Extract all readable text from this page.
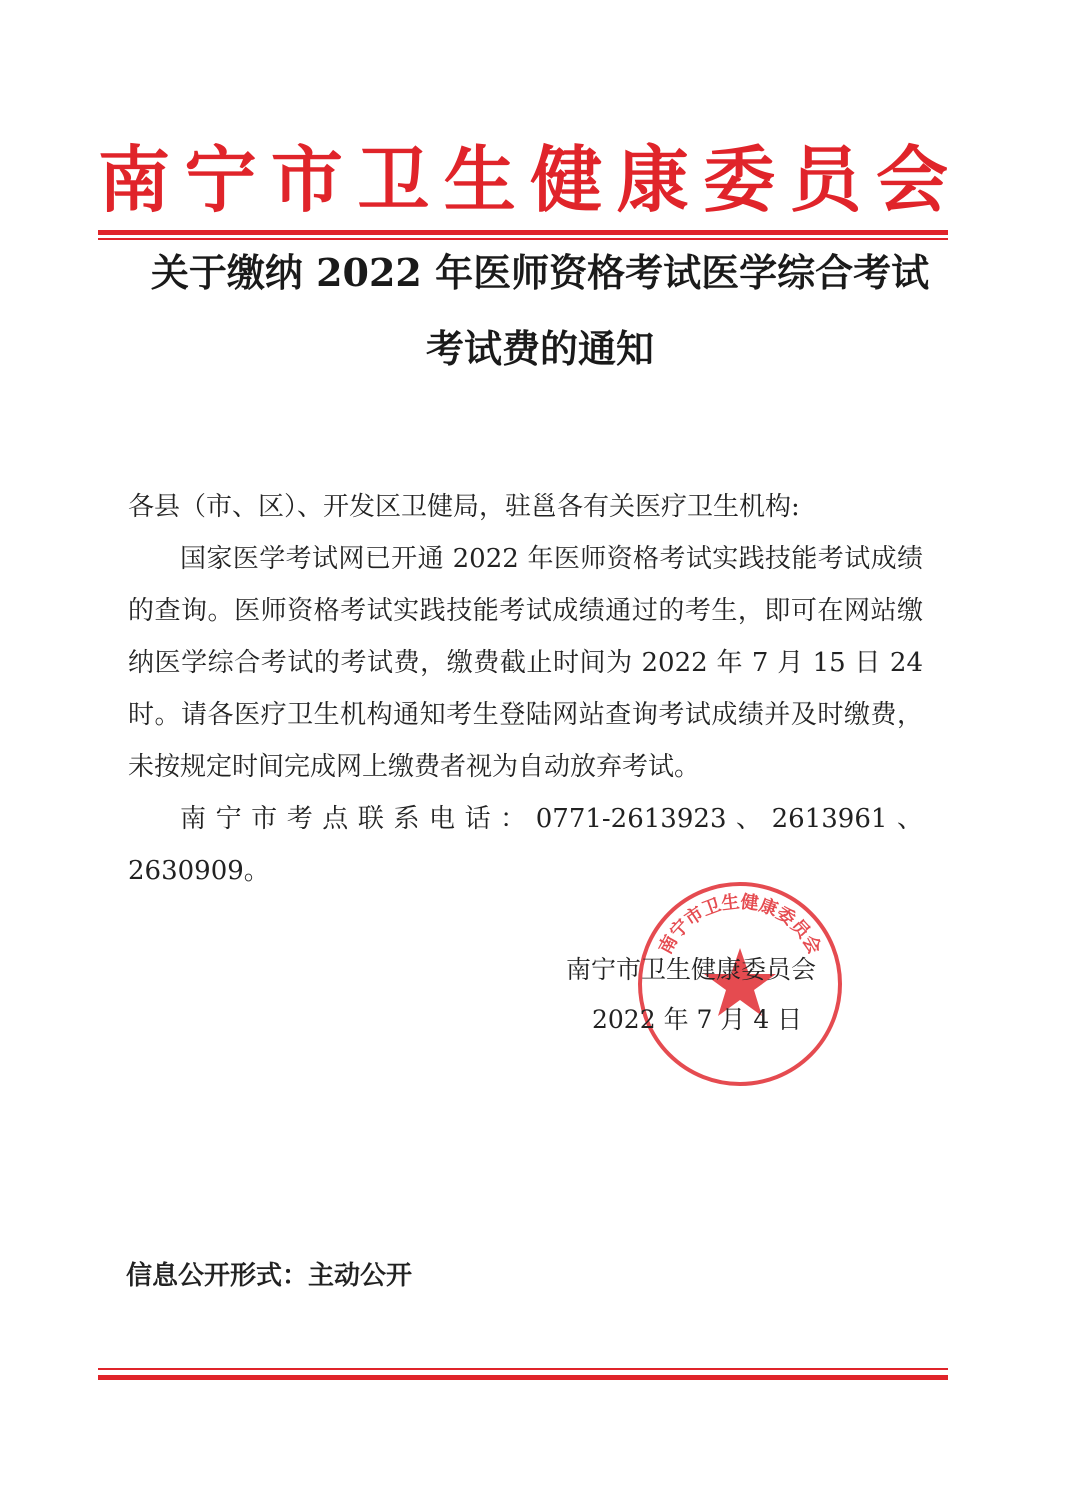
南宁市卫生健康委员会
关于缴纳 2022 年医师资格考试医学综合考试
考试费的通知

各县（市、区）、开发区卫健局，驻邕各有关医疗卫生机构:

国家医学考试网已开通 2022 年医师资格考试实践技能考试成绩的查询。医师资格考试实践技能考试成绩通过的考生，即可在网站缴纳医学综合考试的考试费，缴费截止时间为 2022 年 7 月 15 日 24 时。请各医疗卫生机构通知考生登陆网站查询考试成绩并及时缴费，未按规定时间完成网上缴费者视为自动放弃考试。

南宁市考点联系电话：0771-2613923、2613961、2630909。

南宁市卫生健康委员会
南宁市卫生健康委员会
2022 年 7 月 4 日
信息公开形式：主动公开
